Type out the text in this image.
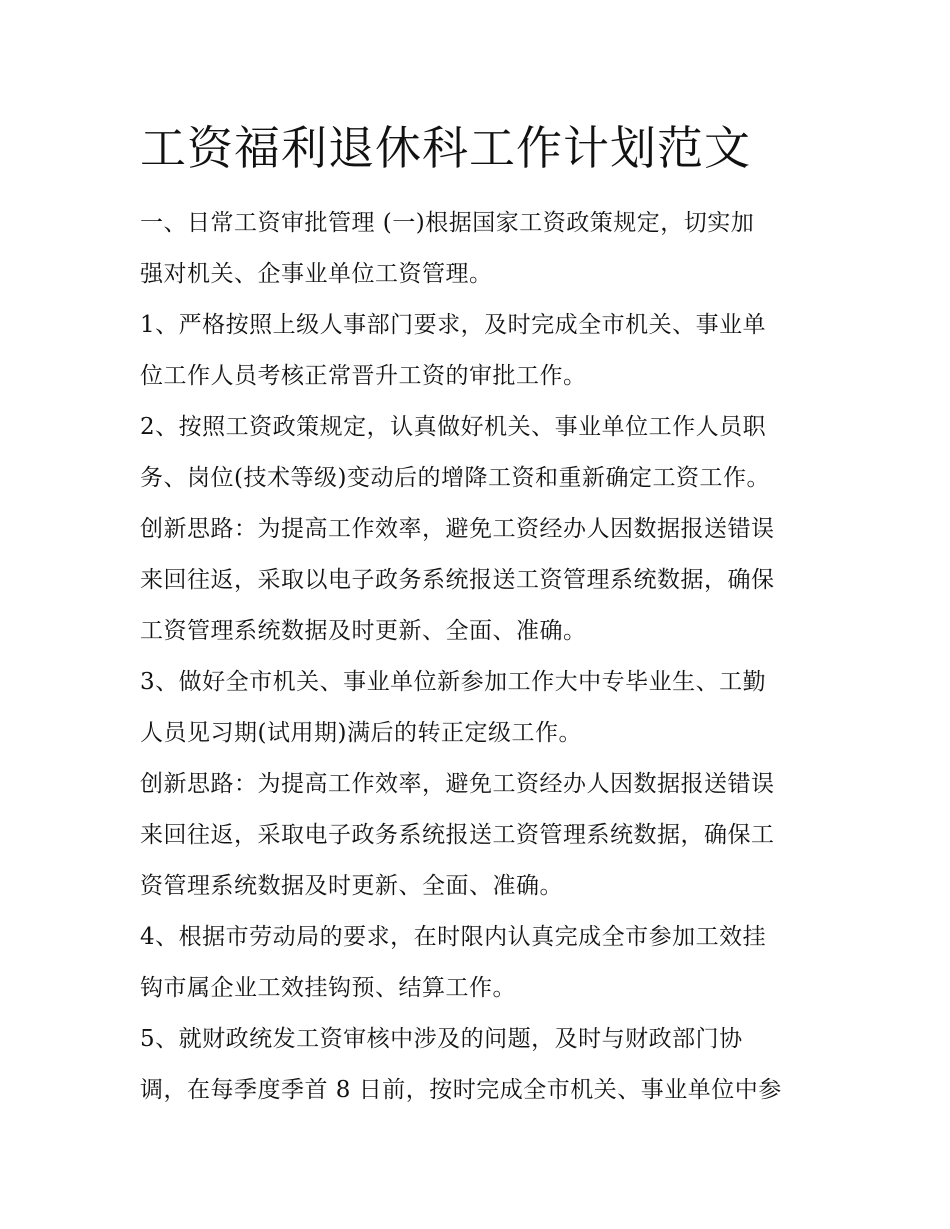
工资福利退休科工作计划范文
一、日常工资审批管理 (一)根据国家工资政策规定，切实加
强对机关、企事业单位工资管理。
1、严格按照上级人事部门要求，及时完成全市机关、事业单
位工作人员考核正常晋升工资的审批工作。
2、按照工资政策规定，认真做好机关、事业单位工作人员职
务、岗位(技术等级)变动后的增降工资和重新确定工资工作。
创新思路：为提高工作效率，避免工资经办人因数据报送错误
来回往返，采取以电子政务系统报送工资管理系统数据，确保
工资管理系统数据及时更新、全面、准确。
3、做好全市机关、事业单位新参加工作大中专毕业生、工勤
人员见习期(试用期)满后的转正定级工作。
创新思路：为提高工作效率，避免工资经办人因数据报送错误
来回往返，采取电子政务系统报送工资管理系统数据，确保工
资管理系统数据及时更新、全面、准确。
4、根据市劳动局的要求，在时限内认真完成全市参加工效挂
钩市属企业工效挂钩预、结算工作。
5、就财政统发工资审核中涉及的问题，及时与财政部门协
调，在每季度季首 8 日前，按时完成全市机关、事业单位中参
